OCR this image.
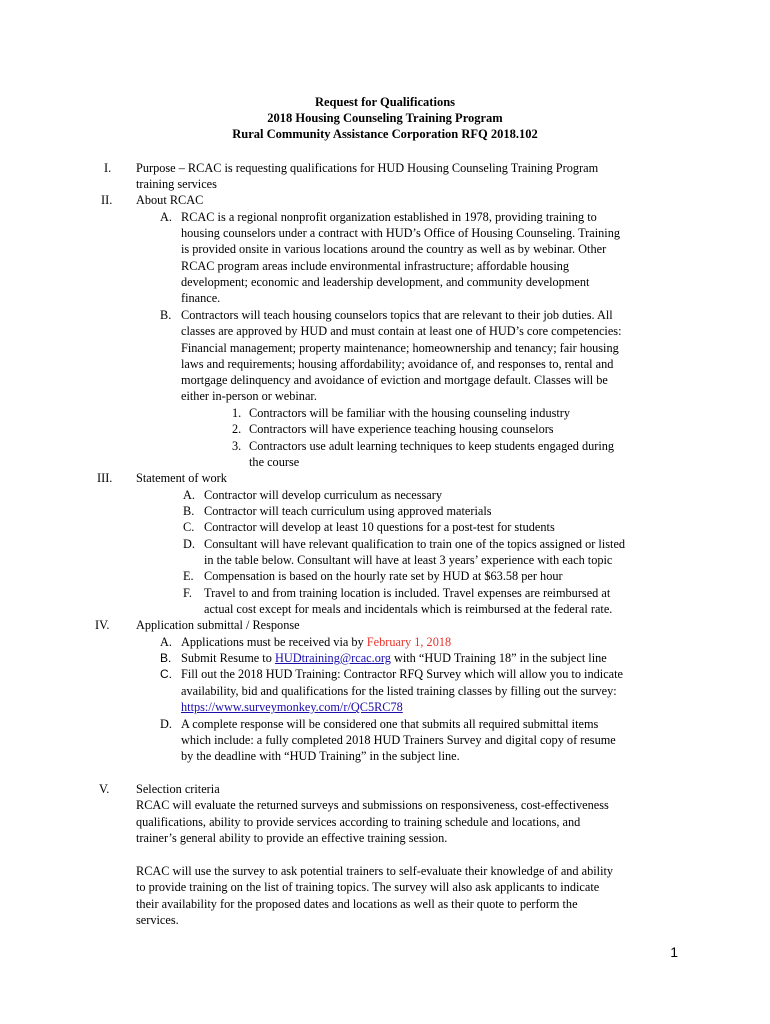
Request for Qualifications
2018 Housing Counseling Training Program
Rural Community Assistance Corporation RFQ 2018.102
I. Purpose – RCAC is requesting qualifications for HUD Housing Counseling Training Program
training services
II. About RCAC
A. RCAC is a regional nonprofit organization established in 1978, providing training to
housing counselors under a contract with HUD’s Office of Housing Counseling. Training
is provided onsite in various locations around the country as well as by webinar. Other
RCAC program areas include environmental infrastructure; affordable housing
development; economic and leadership development, and community development
finance.
B. Contractors will teach housing counselors topics that are relevant to their job duties. All
classes are approved by HUD and must contain at least one of HUD’s core competencies:
Financial management; property maintenance; homeownership and tenancy; fair housing
laws and requirements; housing affordability; avoidance of, and responses to, rental and
mortgage delinquency and avoidance of eviction and mortgage default. Classes will be
either in-person or webinar.
1. Contractors will be familiar with the housing counseling industry
2. Contractors will have experience teaching housing counselors
3. Contractors use adult learning techniques to keep students engaged during
the course
III. Statement of work
A. Contractor will develop curriculum as necessary
B. Contractor will teach curriculum using approved materials
C. Contractor will develop at least 10 questions for a post-test for students
D. Consultant will have relevant qualification to train one of the topics assigned or listed
in the table below. Consultant will have at least 3 years’ experience with each topic
E. Compensation is based on the hourly rate set by HUD at $63.58 per hour
F. Travel to and from training location is included. Travel expenses are reimbursed at
actual cost except for meals and incidentals which is reimbursed at the federal rate.
IV. Application submittal / Response
A. Applications must be received via by February 1, 2018
B. Submit Resume to HUDtraining@rcac.org with “HUD Training 18” in the subject line
C. Fill out the 2018 HUD Training: Contractor RFQ Survey which will allow you to indicate
availability, bid and qualifications for the listed training classes by filling out the survey:
https://www.surveymonkey.com/r/QC5RC78
D. A complete response will be considered one that submits all required submittal items
which include: a fully completed 2018 HUD Trainers Survey and digital copy of resume
by the deadline with “HUD Training” in the subject line.
V. Selection criteria
RCAC will evaluate the returned surveys and submissions on responsiveness, cost-effectiveness
qualifications, ability to provide services according to training schedule and locations, and
trainer’s general ability to provide an effective training session.
RCAC will use the survey to ask potential trainers to self-evaluate their knowledge of and ability
to provide training on the list of training topics. The survey will also ask applicants to indicate
their availability for the proposed dates and locations as well as their quote to perform the
services.
1
